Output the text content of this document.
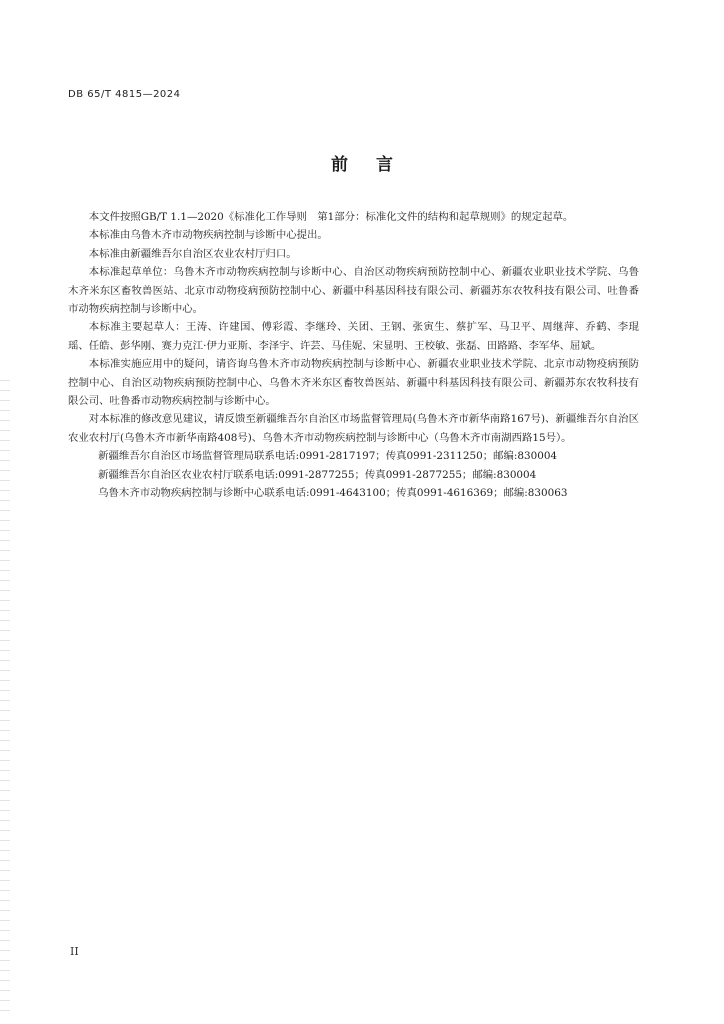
DB 65/T 4815—2024
前言

本文件按照GB/T 1.1—2020《标准化工作导则　第1部分：标准化文件的结构和起草规则》的规定起草。

本标准由乌鲁木齐市动物疾病控制与诊断中心提出。

本标准由新疆维吾尔自治区农业农村厅归口。

本标准起草单位：乌鲁木齐市动物疾病控制与诊断中心、自治区动物疾病预防控制中心、新疆农业职业技术学院、乌鲁木齐米东区畜牧兽医站、北京市动物疫病预防控制中心、新疆中科基因科技有限公司、新疆苏东农牧科技有限公司、吐鲁番市动物疾病控制与诊断中心。

本标准主要起草人：王涛、许建国、傅彩霞、李继玲、关团、王钢、张寅生、蔡扩军、马卫平、周继萍、乔鹤、李琨瑶、任皓、彭华刚、赛力克江·伊力亚斯、李泽宇、许芸、马佳妮、宋显明、王校敏、张磊、田路路、李军华、屈斌。

本标准实施应用中的疑问，请咨询乌鲁木齐市动物疾病控制与诊断中心、新疆农业职业技术学院、北京市动物疫病预防控制中心、自治区动物疾病预防控制中心、乌鲁木齐米东区畜牧兽医站、新疆中科基因科技有限公司、新疆苏东农牧科技有限公司、吐鲁番市动物疾病控制与诊断中心。

对本标准的修改意见建议，请反馈至新疆维吾尔自治区市场监督管理局(乌鲁木齐市新华南路167号)、新疆维吾尔自治区农业农村厅(乌鲁木齐市新华南路408号)、乌鲁木齐市动物疾病控制与诊断中心（乌鲁木齐市南湖西路15号）。

新疆维吾尔自治区市场监督管理局联系电话:0991-2817197；传真0991-2311250；邮编:830004

新疆维吾尔自治区农业农村厅联系电话:0991-2877255；传真0991-2877255；邮编:830004

乌鲁木齐市动物疾病控制与诊断中心联系电话:0991-4643100；传真0991-4616369；邮编:830063

II
